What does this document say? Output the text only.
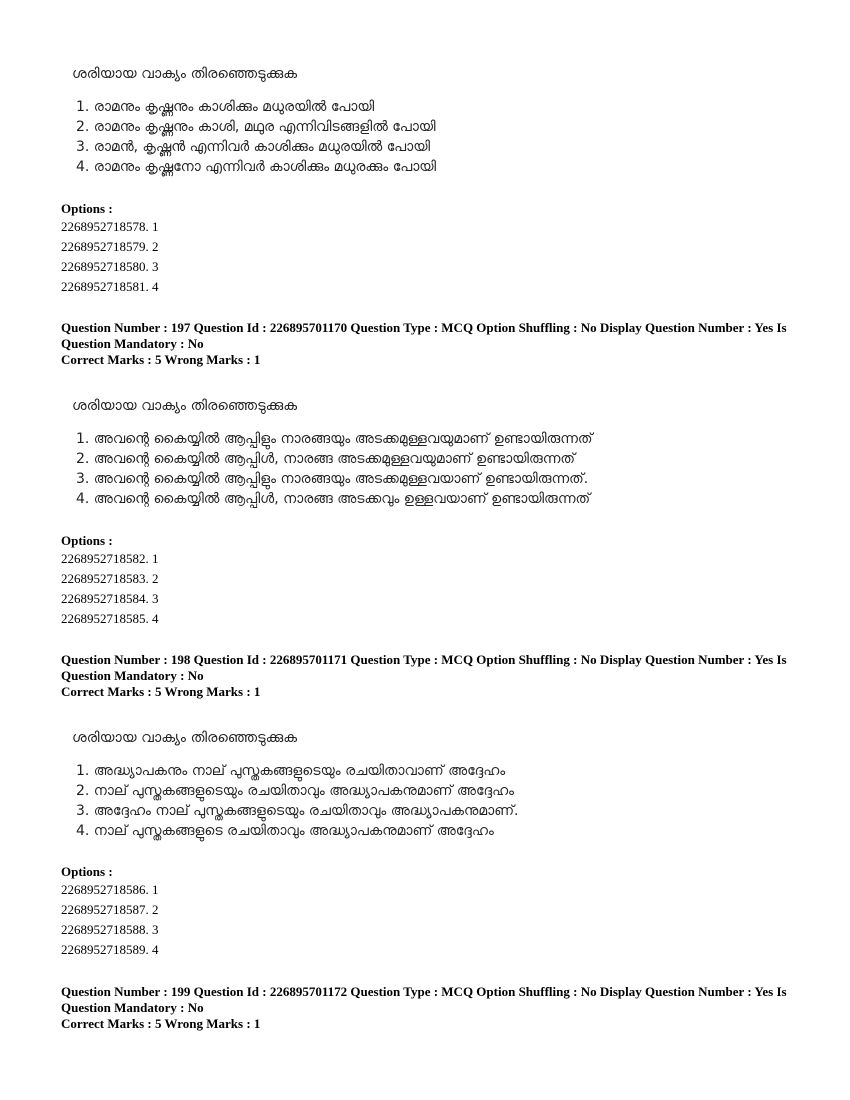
ശരിയായ വാക്യം തിരഞ്ഞെടുക്കുക
1. രാമനും കൃഷ്ണനും കാശിക്കും മധുരയിൽ പോയി
2. രാമനും കൃഷ്ണനും കാശി, മഥുര എന്നിവിടങ്ങളിൽ പോയി
3. രാമൻ, കൃഷ്ണൻ എന്നിവർ കാശിക്കും മധുരയിൽ പോയി
4. രാമനും കൃഷ്ണനോ എന്നിവർ കാശിക്കും മധുരക്കും പോയി
Options :
2268952718578. 1
2268952718579. 2
2268952718580. 3
2268952718581. 4
Question Number : 197 Question Id : 226895701170 Question Type : MCQ Option Shuffling : No Display Question Number : Yes Is
Question Mandatory : No
Correct Marks : 5 Wrong Marks : 1
ശരിയായ വാക്യം തിരഞ്ഞെടുക്കുക
1. അവന്റെ കൈയ്യിൽ ആപ്പിളും നാരങ്ങയും അടക്കമുള്ളവയുമാണ് ഉണ്ടായിരുന്നത്
2. അവന്റെ കൈയ്യിൽ ആപ്പിൾ, നാരങ്ങ അടക്കമുള്ളവയുമാണ് ഉണ്ടായിരുന്നത്
3. അവന്റെ കൈയ്യിൽ ആപ്പിളും നാരങ്ങയും അടക്കമുള്ളവയാണ് ഉണ്ടായിരുന്നത്.
4. അവന്റെ കൈയ്യിൽ ആപ്പിൾ, നാരങ്ങ അടക്കവും ഉള്ളവയാണ് ഉണ്ടായിരുന്നത്
Options :
2268952718582. 1
2268952718583. 2
2268952718584. 3
2268952718585. 4
Question Number : 198 Question Id : 226895701171 Question Type : MCQ Option Shuffling : No Display Question Number : Yes Is
Question Mandatory : No
Correct Marks : 5 Wrong Marks : 1
ശരിയായ വാക്യം തിരഞ്ഞെടുക്കുക
1. അദ്ധ്യാപകനും നാല് പുസ്തകങ്ങളുടെയും രചയിതാവാണ് അദ്ദേഹം
2. നാല് പുസ്തകങ്ങളുടെയും രചയിതാവും അദ്ധ്യാപകനുമാണ് അദ്ദേഹം
3. അദ്ദേഹം നാല് പുസ്തകങ്ങളുടെയും രചയിതാവും അദ്ധ്യാപകനുമാണ്.
4. നാല് പുസ്തകങ്ങളുടെ രചയിതാവും അദ്ധ്യാപകനുമാണ് അദ്ദേഹം
Options :
2268952718586. 1
2268952718587. 2
2268952718588. 3
2268952718589. 4
Question Number : 199 Question Id : 226895701172 Question Type : MCQ Option Shuffling : No Display Question Number : Yes Is
Question Mandatory : No
Correct Marks : 5 Wrong Marks : 1
